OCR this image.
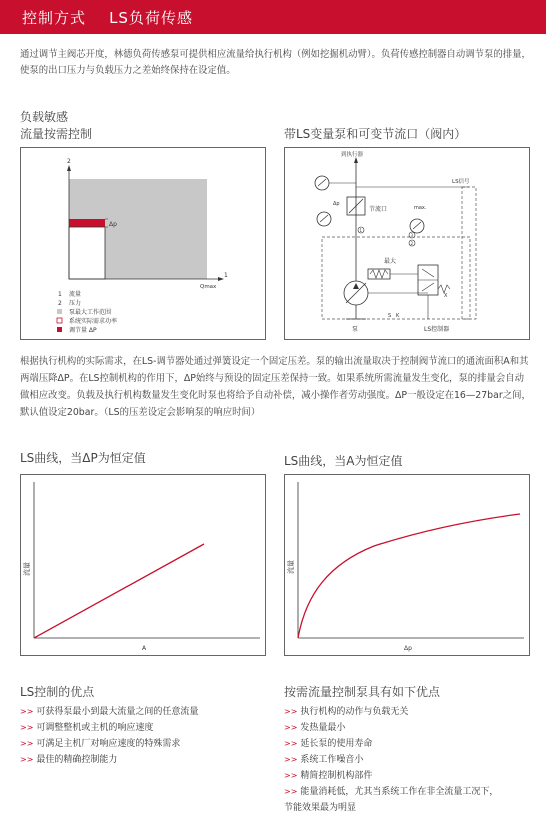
控制方式    LS负荷传感
通过调节主阀芯开度，林德负荷传感泵可提供相应流量给执行机构（例如挖掘机动臂）。负荷传感控制器自动调节泵的排量，使泵的出口压力与负载压力之差始终保持在设定值。
负载敏感
流量按需控制	带LS变量泵和可变节流口（阀内）
2
1
Qmax
Δp
1 流量
2 压力
泵最大工作范围
系统实际需求功率
调节量 ΔP
到执行器
LS信号
Δp
节流口	max.
1
2
3
泵
最大
LS控制器
K
S
X
根据执行机构的实际需求，在LS-调节器处通过弹簧设定一个固定压差。泵的输出流量取决于控制阀节流口的通流面积A和其两端压降ΔP。在LS控制机构的作用下，ΔP始终与预设的固定压差保持一致。如果系统所需流量发生变化，泵的排量会自动做相应改变。负载及执行机构数量发生变化时泵也将给予自动补偿，减小操作者劳动强度。ΔP一般设定在16—27bar之间，默认值设定20bar。（LS的压差设定会影响泵的响应时间）
LS曲线，当ΔP为恒定值	LS曲线，当A为恒定值
流量
A
流量
Δp
LS控制的优点
>> 可获得泵最小到最大流量之间的任意流量
>> 可调整整机或主机的响应速度
>> 可满足主机厂对响应速度的特殊需求
>> 最佳的精确控制能力
按需流量控制泵具有如下优点
>> 执行机构的动作与负载无关
>> 发热量最小
>> 延长泵的使用寿命
>> 系统工作噪音小
>> 精简控制机构部件
>> 能量消耗低，尤其当系统工作在非全流量工况下，
节能效果最为明显
